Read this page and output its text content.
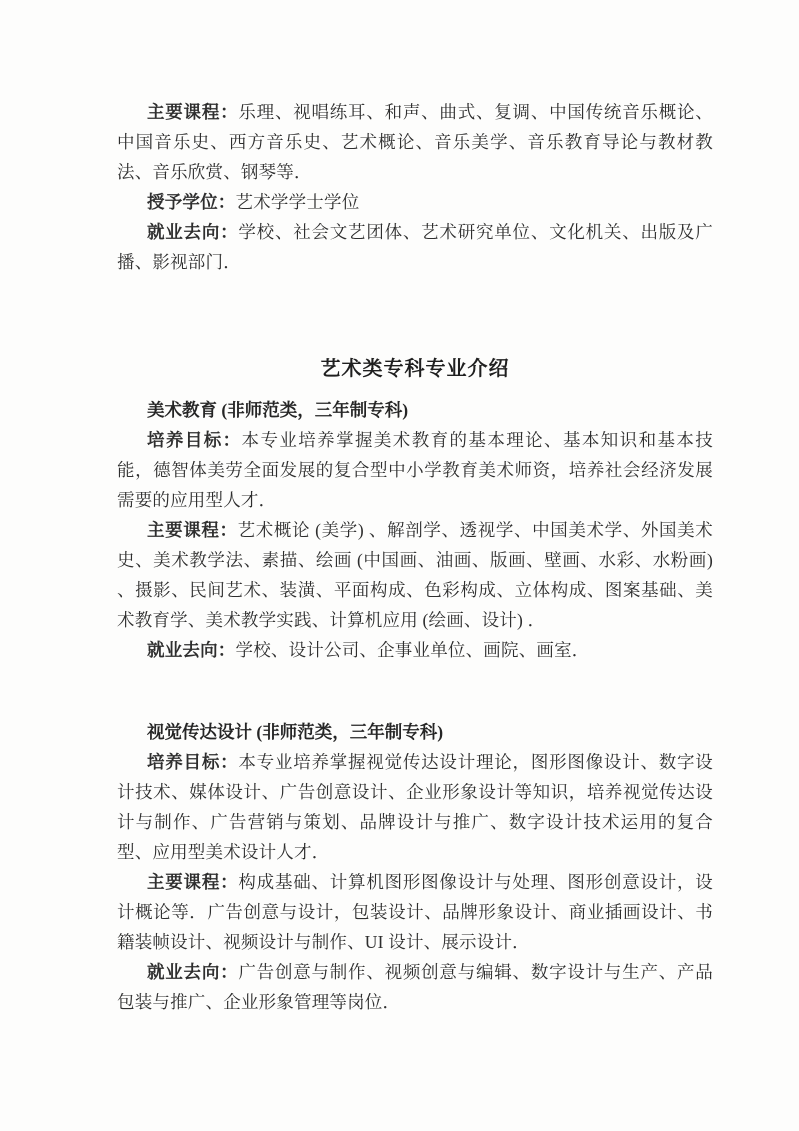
主要课程：乐理、视唱练耳、和声、曲式、复调、中国传统音乐概论、中国音乐史、西方音乐史、艺术概论、音乐美学、音乐教育导论与教材教法、音乐欣赏、钢琴等．

授予学位：艺术学学士学位

就业去向：学校、社会文艺团体、艺术研究单位、文化机关、出版及广播、影视部门．

艺术类专科专业介绍
美术教育 (非师范类，三年制专科)

培养目标：本专业培养掌握美术教育的基本理论、基本知识和基本技能，德智体美劳全面发展的复合型中小学教育美术师资，培养社会经济发展需要的应用型人才．

主要课程：艺术概论 (美学) 、解剖学、透视学、中国美术学、外国美术史、美术教学法、素描、绘画 (中国画、油画、版画、壁画、水彩、水粉画) 、摄影、民间艺术、装潢、平面构成、色彩构成、立体构成、图案基础、美术教育学、美术教学实践、计算机应用 (绘画、设计) ．

就业去向：学校、设计公司、企事业单位、画院、画室．

视觉传达设计 (非师范类，三年制专科)

培养目标：本专业培养掌握视觉传达设计理论，图形图像设计、数字设计技术、媒体设计、广告创意设计、企业形象设计等知识，培养视觉传达设计与制作、广告营销与策划、品牌设计与推广、数字设计技术运用的复合型、应用型美术设计人才．

主要课程：构成基础、计算机图形图像设计与处理、图形创意设计，设计概论等．广告创意与设计，包装设计、品牌形象设计、商业插画设计、书籍装帧设计、视频设计与制作、UI 设计、展示设计．

就业去向：广告创意与制作、视频创意与编辑、数字设计与生产、产品包装与推广、企业形象管理等岗位．
